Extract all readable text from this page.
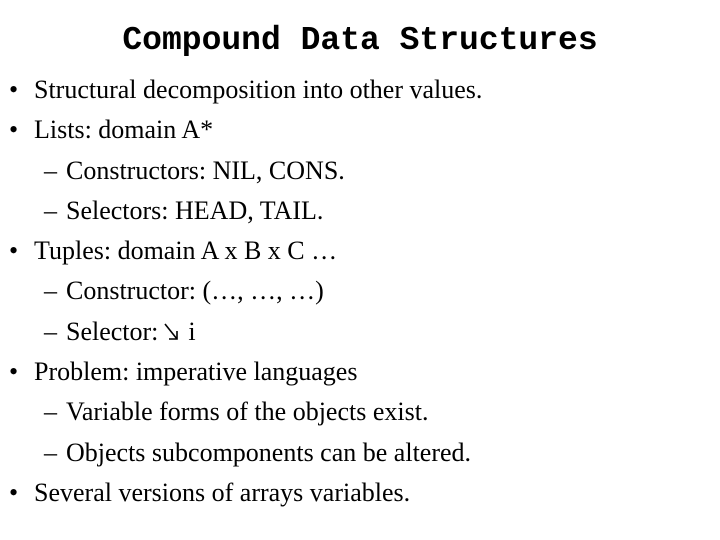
Compound Data Structures
• Structural decomposition into other values.
• Lists: domain A*
– Constructors: NIL, CONS.
– Selectors: HEAD, TAIL.
• Tuples: domain A x B x C …
– Constructor: (…, …, …)
– Selector: i
• Problem: imperative languages
– Variable forms of the objects exist.
– Objects subcomponents can be altered.
• Several versions of arrays variables.
